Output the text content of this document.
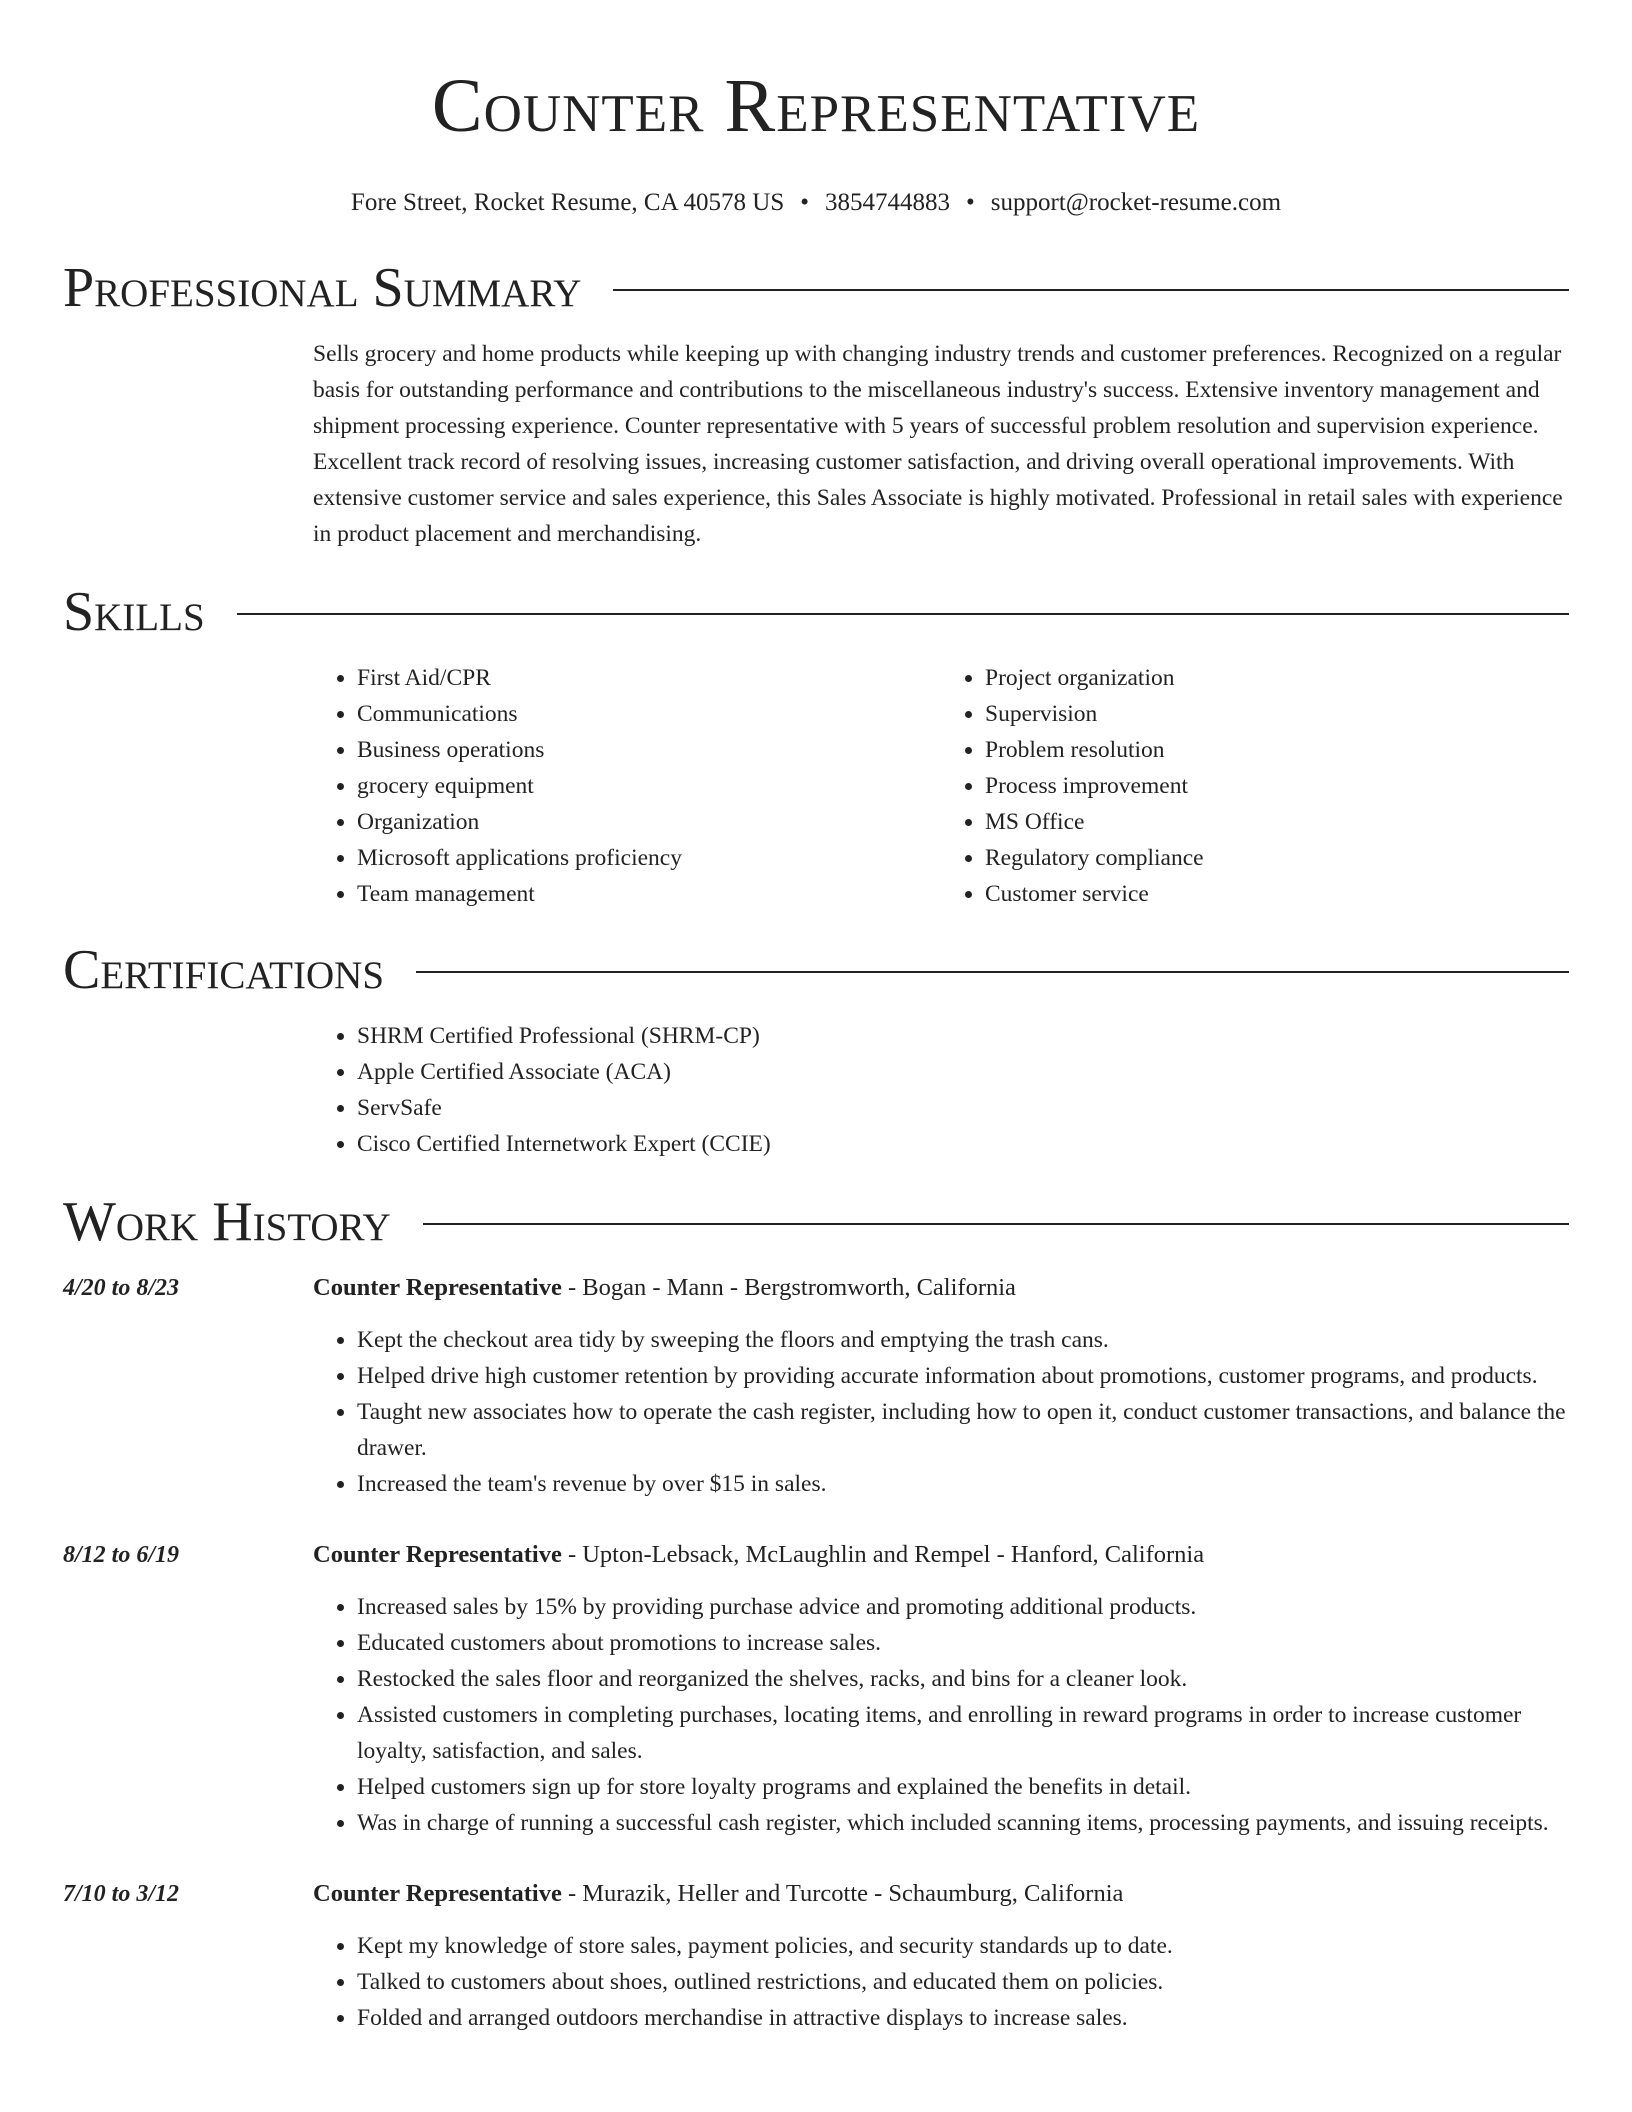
Counter Representative
Fore Street, Rocket Resume, CA 40578 US • 3854744883 • support@rocket-resume.com
Professional Summary

Sells grocery and home products while keeping up with changing industry trends and customer preferences. Recognized on a regular basis for outstanding performance and contributions to the miscellaneous industry's success. Extensive inventory management and shipment processing experience. Counter representative with 5 years of successful problem resolution and supervision experience. Excellent track record of resolving issues, increasing customer satisfaction, and driving overall operational improvements. With extensive customer service and sales experience, this Sales Associate is highly motivated. Professional in retail sales with experience in product placement and merchandising.

Skills
• First Aid/CPR
• Communications
• Business operations
• grocery equipment
• Organization
• Microsoft applications proficiency
• Team management
• Project organization
• Supervision
• Problem resolution
• Process improvement
• MS Office
• Regulatory compliance
• Customer service
Certifications
• SHRM Certified Professional (SHRM-CP)
• Apple Certified Associate (ACA)
• ServSafe
• Cisco Certified Internetwork Expert (CCIE)
Work History
4/20 to 8/23	Counter Representative - Bogan - Mann - Bergstromworth, California
• Kept the checkout area tidy by sweeping the floors and emptying the trash cans.
• Helped drive high customer retention by providing accurate information about promotions, customer programs, and products.
• Taught new associates how to operate the cash register, including how to open it, conduct customer transactions, and balance the drawer.
• Increased the team's revenue by over $15 in sales.
8/12 to 6/19	Counter Representative - Upton-Lebsack, McLaughlin and Rempel - Hanford, California
• Increased sales by 15% by providing purchase advice and promoting additional products.
• Educated customers about promotions to increase sales.
• Restocked the sales floor and reorganized the shelves, racks, and bins for a cleaner look.
• Assisted customers in completing purchases, locating items, and enrolling in reward programs in order to increase customer loyalty, satisfaction, and sales.
• Helped customers sign up for store loyalty programs and explained the benefits in detail.
• Was in charge of running a successful cash register, which included scanning items, processing payments, and issuing receipts.
7/10 to 3/12	Counter Representative - Murazik, Heller and Turcotte - Schaumburg, California
• Kept my knowledge of store sales, payment policies, and security standards up to date.
• Talked to customers about shoes, outlined restrictions, and educated them on policies.
• Folded and arranged outdoors merchandise in attractive displays to increase sales.
